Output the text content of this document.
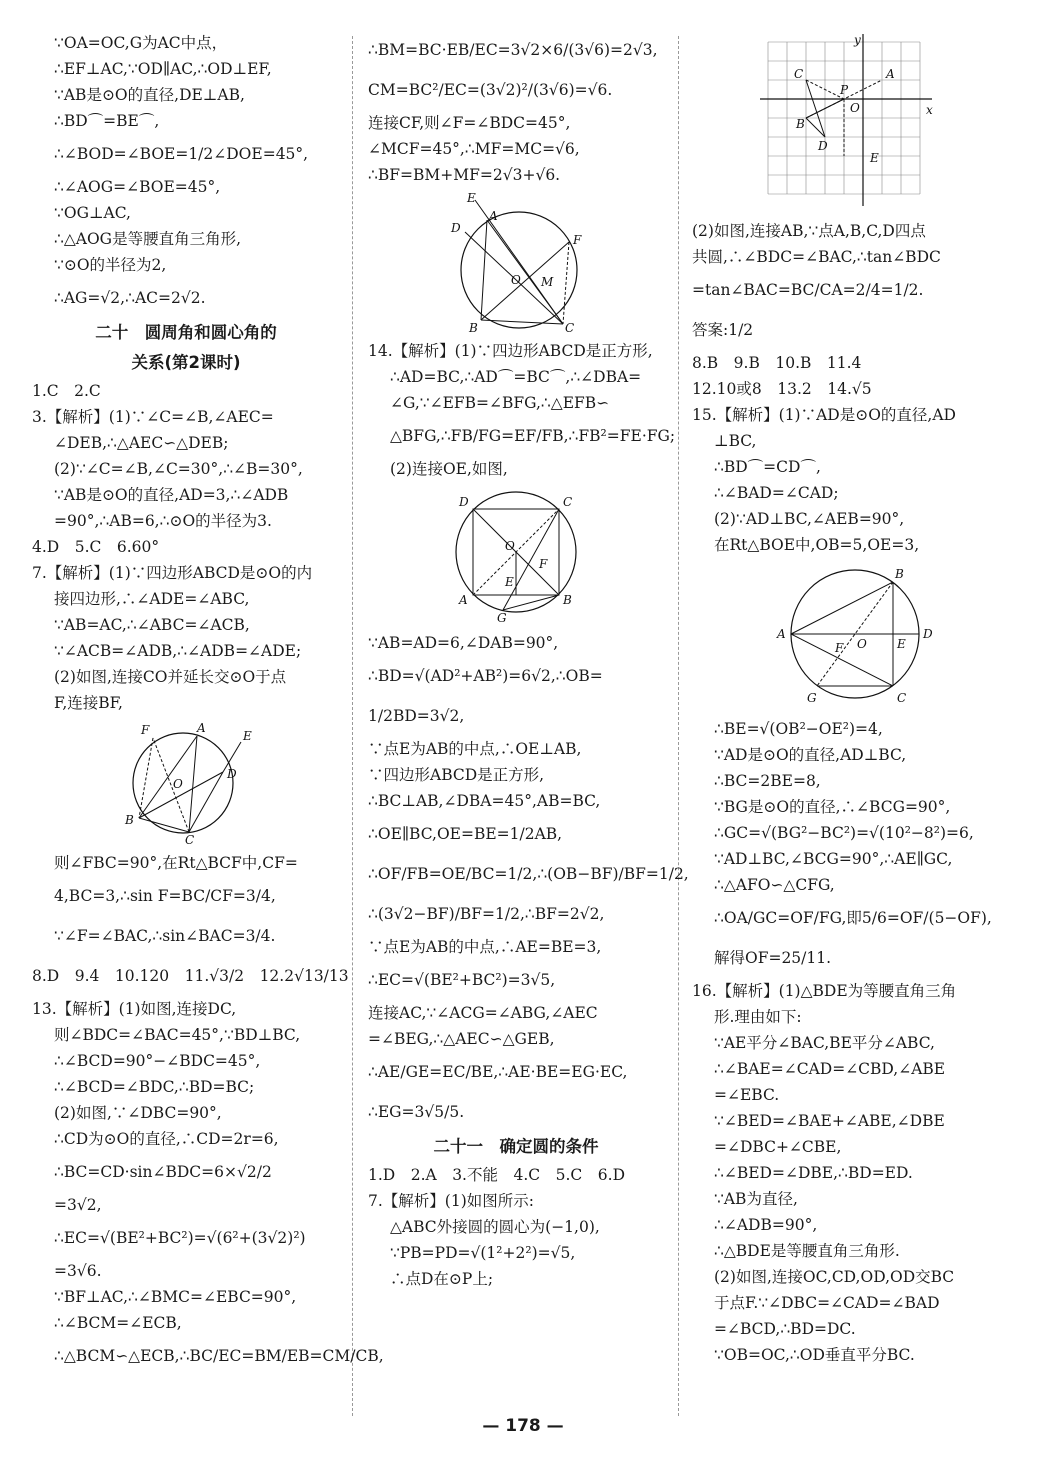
∵OA=OC,G为AC中点，
∴EF⊥AC,∵OD∥AC,∴OD⊥EF,
∵AB是⊙O的直径,DE⊥AB,
∴BD⌒=BE⌒,
∴∠BOD=∠BOE=1/2∠DOE=45°,
∴∠AOG=∠BOE=45°,
∵OG⊥AC,
∴△AOG是等腰直角三角形,
∵⊙O的半径为2,
∴AG=√2,∴AC=2√2.
二十　圆周角和圆心角的
关系(第2课时)
1.C　2.C
3.【解析】(1)∵∠C=∠B,∠AEC=
∠DEB,∴△AEC∽△DEB;
(2)∵∠C=∠B,∠C=30°,∴∠B=30°,
∵AB是⊙O的直径,AD=3,∴∠ADB
=90°,∴AB=6,∴⊙O的半径为3.
4.D　5.C　6.60°
7.【解析】(1)∵四边形ABCD是⊙O的内
接四边形,∴∠ADE=∠ABC,
∵AB=AC,∴∠ABC=∠ACB,
∵∠ACB=∠ADB,∴∠ADB=∠ADE;
(2)如图,连接CO并延长交⊙O于点
F,连接BF,
F	A
E
O
D
B
C
则∠FBC=90°,在Rt△BCF中,CF=
4,BC=3,∴sin F=BC/CF=3/4,
∵∠F=∠BAC,∴sin∠BAC=3/4.
8.D　9.4　10.120　11.√3/2　12.2√13/13
13.【解析】(1)如图,连接DC,
则∠BDC=∠BAC=45°,∵BD⊥BC,
∴∠BCD=90°−∠BDC=45°,
∴∠BCD=∠BDC,∴BD=BC;
(2)如图,∵∠DBC=90°,
∴CD为⊙O的直径,∴CD=2r=6,
∴BC=CD·sin∠BDC=6×√2/2
=3√2,
∴EC=√(BE²+BC²)=√(6²+(3√2)²)
=3√6.
∵BF⊥AC,∴∠BMC=∠EBC=90°,
∴∠BCM=∠ECB,
∴△BCM∽△ECB,∴BC/EC=BM/EB=CM/CB,
∴BM=BC·EB/EC=3√2×6/(3√6)=2√3,
CM=BC²/EC=(3√2)²/(3√6)=√6.
连接CF,则∠F=∠BDC=45°,
∠MCF=45°,∴MF=MC=√6,
∴BF=BM+MF=2√3+√6.
E
A
D
F
O M
B	C
14.【解析】(1)∵四边形ABCD是正方形,
∴AD=BC,∴AD⌒=BC⌒,∴∠DBA=
∠G,∵∠EFB=∠BFG,∴△EFB∽
△BFG,∴FB/FG=EF/FB,∴FB²=FE·FG;
(2)连接OE,如图,
D	C
O
F
E
A	B
G
∵AB=AD=6,∠DAB=90°,
∴BD=√(AD²+AB²)=6√2,∴OB=
1/2BD=3√2,
∵点E为AB的中点,∴OE⊥AB,
∵四边形ABCD是正方形,
∴BC⊥AB,∠DBA=45°,AB=BC,
∴OE∥BC,OE=BE=1/2AB,
∴OF/FB=OE/BC=1/2,∴(OB−BF)/BF=1/2,
∴(3√2−BF)/BF=1/2,∴BF=2√2,
∵点E为AB的中点,∴AE=BE=3,
∴EC=√(BE²+BC²)=3√5,
连接AC,∵∠ACG=∠ABG,∠AEC
=∠BEG,∴△AEC∽△GEB,
∴AE/GE=EC/BE,∴AE·BE=EG·EC,
∴EG=3√5/5.
二十一　确定圆的条件
1.D　2.A　3.不能　4.C　5.C　6.D
7.【解析】(1)如图所示:
△ABC外接圆的圆心为(−1,0),
∵PB=PD=√(1²+2²)=√5,
∴点D在⊙P上;
y
x
C
P
A
O
B
D
E
(2)如图,连接AB,∵点A,B,C,D四点
共圆,∴∠BDC=∠BAC,∴tan∠BDC
=tan∠BAC=BC/CA=2/4=1/2.
答案:1/2
8.B　9.B　10.B　11.4
12.10或8　13.2　14.√5
15.【解析】(1)∵AD是⊙O的直径,AD
⊥BC,
∴BD⌒=CD⌒,
∴∠BAD=∠CAD;
(2)∵AD⊥BC,∠AEB=90°,
在Rt△BOE中,OB=5,OE=3,
B
A	D
F O	E
G	C
∴BE=√(OB²−OE²)=4,
∵AD是⊙O的直径,AD⊥BC,
∴BC=2BE=8,
∵BG是⊙O的直径,∴∠BCG=90°,
∴GC=√(BG²−BC²)=√(10²−8²)=6,
∵AD⊥BC,∠BCG=90°,∴AE∥GC,
∴△AFO∽△CFG,
∴OA/GC=OF/FG,即5/6=OF/(5−OF),
解得OF=25/11.
16.【解析】(1)△BDE为等腰直角三角
形.理由如下:
∵AE平分∠BAC,BE平分∠ABC,
∴∠BAE=∠CAD=∠CBD,∠ABE
=∠EBC.
∵∠BED=∠BAE+∠ABE,∠DBE
=∠DBC+∠CBE,
∴∠BED=∠DBE,∴BD=ED.
∵AB为直径,
∴∠ADB=90°,
∴△BDE是等腰直角三角形.
(2)如图,连接OC,CD,OD,OD交BC
于点F.∵∠DBC=∠CAD=∠BAD
=∠BCD,∴BD=DC.
∵OB=OC,∴OD垂直平分BC.
— 178 —
